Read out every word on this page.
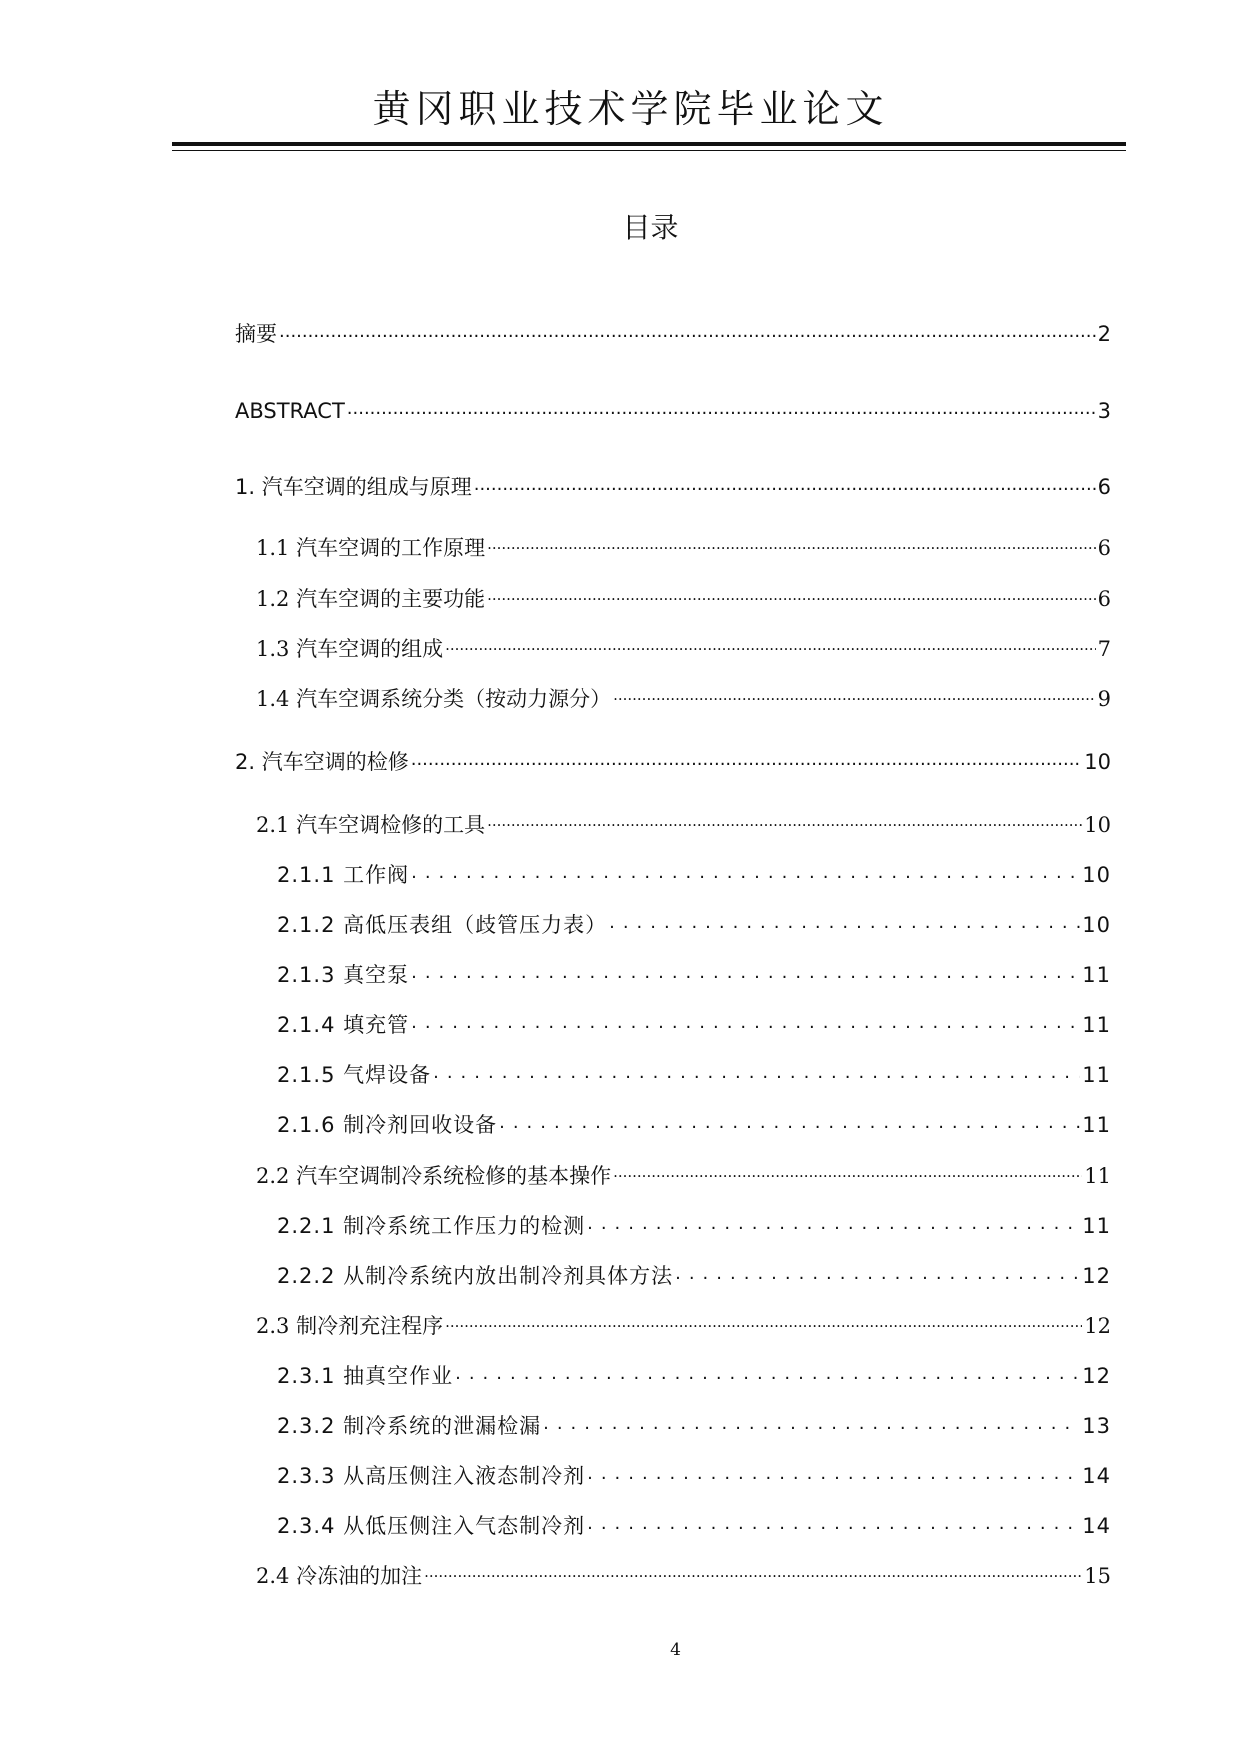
黄冈职业技术学院毕业论文
目录
摘要 .....	2
ABSTRACT .....	3
1. 汽车空调的组成与原理 .....	6
1.1 汽车空调的工作原理 .....	6
1.2 汽车空调的主要功能 .....	6
1.3 汽车空调的组成 .....	7
1.4 汽车空调系统分类（按动力源分） .....	9
2. 汽车空调的检修 .....	10
2.1 汽车空调检修的工具 .....	10
2.1.1 工作阀 .....	10
2.1.2 高低压表组（歧管压力表） .....	10
2.1.3 真空泵 .....	11
2.1.4 填充管 .....	11
2.1.5 气焊设备 .....	11
2.1.6 制冷剂回收设备 .....	11
2.2 汽车空调制冷系统检修的基本操作 .....	11
2.2.1 制冷系统工作压力的检测 .....	11
2.2.2 从制冷系统内放出制冷剂具体方法 .....	12
2.3 制冷剂充注程序 .....	12
2.3.1 抽真空作业 .....	12
2.3.2 制冷系统的泄漏检漏 .....	13
2.3.3 从高压侧注入液态制冷剂 .....	14
2.3.4 从低压侧注入气态制冷剂 .....	14
2.4 冷冻油的加注 .....	15
4
